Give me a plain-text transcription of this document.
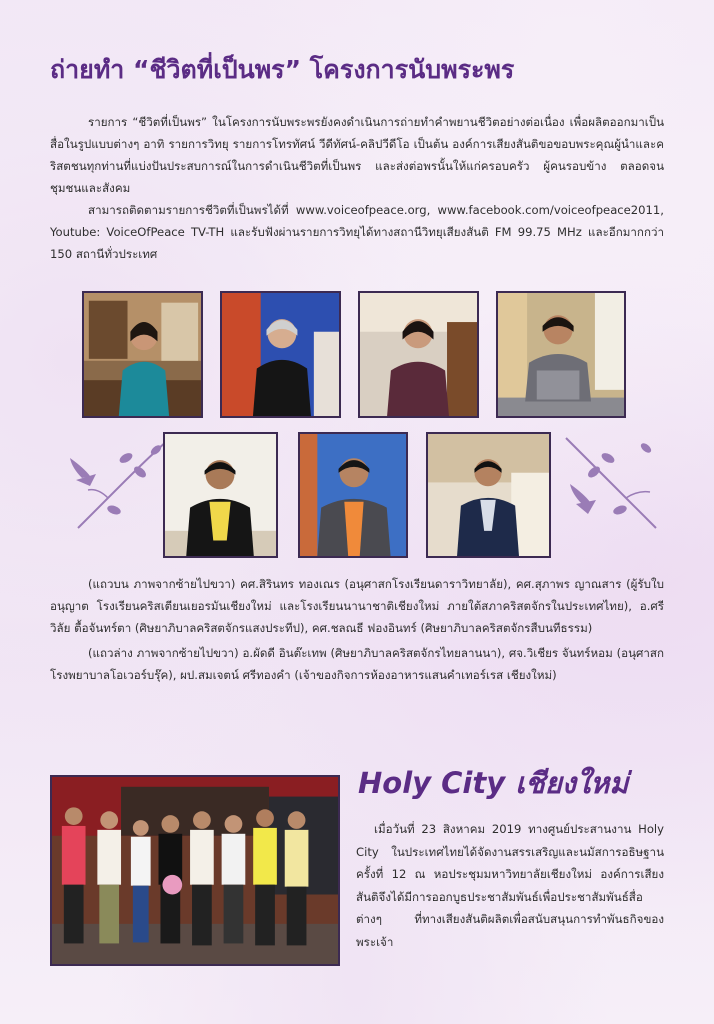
ถ่ายทำ “ชีวิตที่เป็นพร” โครงการนับพระพร

รายการ “ชีวิตที่เป็นพร” ในโครงการนับพระพรยังคงดำเนินการถ่ายทำคำพยานชีวิตอย่างต่อเนื่อง เพื่อผลิตออกมาเป็นสื่อในรูปแบบต่างๆ อาทิ รายการวิทยุ รายการโทรทัศน์ วีดีทัศน์-คลิปวีดีโอ เป็นต้น องค์การเสียงสันติขอขอบพระคุณผู้นำและคริสตชนทุกท่านที่แบ่งปันประสบการณ์ในการดำเนินชีวิตที่เป็นพร และส่งต่อพรนั้นให้แก่ครอบครัว ผู้คนรอบข้าง ตลอดจนชุมชนและสังคม

สามารถติดตามรายการชีวิตที่เป็นพรได้ที่ www.voiceofpeace.org, www.facebook.com/voiceofpeace2011, Youtube: VoiceOfPeace TV-TH และรับฟังผ่านรายการวิทยุได้ทางสถานีวิทยุเสียงสันติ FM 99.75 MHz และอีกมากกว่า 150 สถานีทั่วประเทศ

(แถวบน ภาพจากซ้ายไปขวา) คศ.สิรินทร ทองเณร (อนุศาสกโรงเรียนดาราวิทยาลัย), คศ.สุภาพร ญาณสาร (ผู้รับใบอนุญาต โรงเรียนคริสเตียนเยอรมันเชียงใหม่ และโรงเรียนนานาชาติเชียงใหม่ ภายใต้สภาคริสตจักรในประเทศไทย), อ.ศรีวิลัย ตื้อจันทร์ตา (ศิษยาภิบาลคริสตจักรแสงประทีป), คศ.ชลณธี ฟองอินทร์ (ศิษยาภิบาลคริสตจักรสืบนทีธรรม)

(แถวล่าง ภาพจากซ้ายไปขวา) อ.ผัดดี อินต๊ะเทพ (ศิษยาภิบาลคริสตจักรไทยลานนา), ศจ.วิเชียร จันทร์หอม (อนุศาสกโรงพยาบาลโอเวอร์บรุ๊ค), ผป.สมเจตน์ ศรีทองคำ (เจ้าของกิจการห้องอาหารแสนคำเทอร์เรส เชียงใหม่)

Holy City เชียงใหม่

เมื่อวันที่ 23 สิงหาคม 2019 ทางศูนย์ประสานงาน Holy City ในประเทศไทยได้จัดงานสรรเสริญและนมัสการอธิษฐาน ครั้งที่ 12 ณ หอประชุมมหาวิทยาลัยเชียงใหม่ องค์การเสียงสันติจึงได้มีการออกบูธประชาสัมพันธ์เพื่อประชาสัมพันธ์สื่อต่างๆ ที่ทางเสียงสันติผลิตเพื่อสนับสนุนการทำพันธกิจของพระเจ้า
